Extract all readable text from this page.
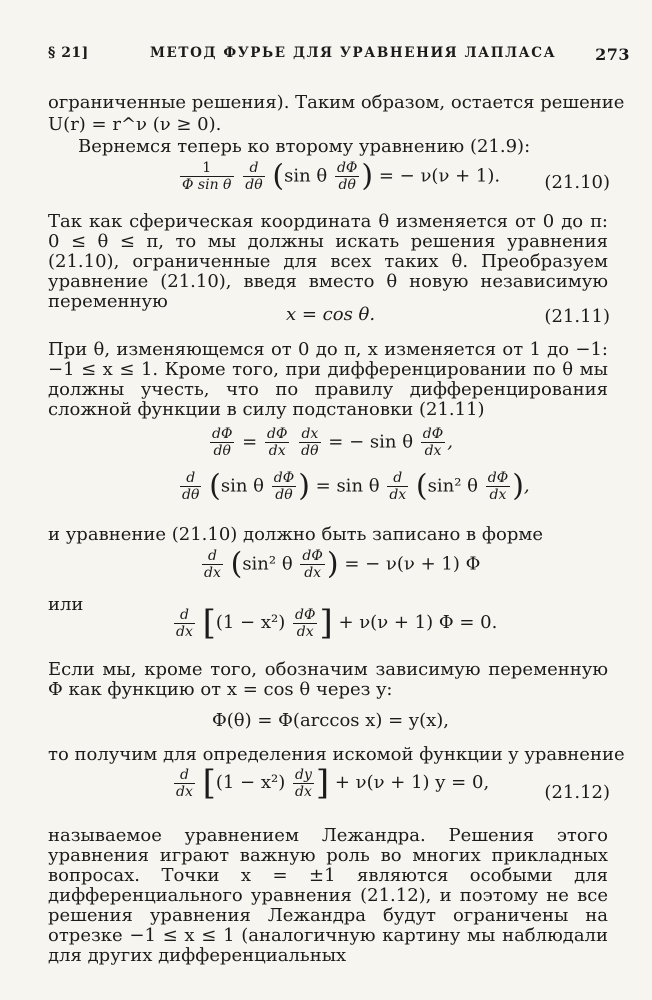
§ 21]	МЕТОД ФУРЬЕ ДЛЯ УРАВНЕНИЯ ЛАПЛАСА 273
ограниченные решения). Таким образом, остается решение
U(r) = r^ν (ν ≥ 0).
Вернемся теперь ко второму уравнению (21.9):
$\frac{1}{\text{Φ sin θ}}$
$\frac{d}{d\theta} (\sin$ θ $\frac{d\Phi}{d\theta}$ ) = − ν(ν + 1). (21.10)
Так как сферическая координата θ изменяется от 0 до π: 0 ≤ θ ≤ π, то мы должны искать решения уравнения (21.10), ограниченные для всех таких θ. Преобразуем уравнение (21.10), введя вместо θ новую независимую переменную
x = cos θ.	(21.11)
При θ, изменяющемся от 0 до π, x изменяется от 1 до −1: −1 ≤ x ≤ 1. Кроме того, при дифференцировании по θ мы должны учесть, что по правилу дифференцирования сложной функции в силу подстановки (21.11)
$\frac{d\Phi}{d\theta} = \frac{d\Phi}{dx}$
$\frac{dx}{d\theta}$ = − sin θ $\frac{d\Phi}{dx}$ ,
$\frac{d}{d\theta} (\sin$ θ $\frac{d\Phi}{d\theta}$ ) = sin θ $\frac{d}{dx} (\sin^2$ θ $\frac{d\Phi}{dx}$ ),
и уравнение (21.10) должно быть записано в форме
$\frac{d}{dx} (\sin^2$ θ $\frac{d\Phi}{dx}$ ) = − ν(ν + 1) Φ
или
$\frac{d}{dx} [(1 - x^2) \frac{d\Phi}{dx}$ ] + ν(ν + 1) Φ = 0.
Если мы, кроме того, обозначим зависимую переменную Φ как функцию от x = cos θ через y:
Φ(θ) = Φ(arccos x) = y(x),
то получим для определения искомой функции y уравнение
$\frac{d}{dx} [(1 - x^2) \frac{dy}{dx}$ ] + ν(ν + 1) y = 0,	(21.12)
называемое уравнением Лежандра. Решения этого уравнения играют важную роль во многих прикладных вопросах. Точки x = ±1 являются особыми для дифференциального уравнения (21.12), и поэтому не все решения уравнения Лежандра будут ограничены на отрезке −1 ≤ x ≤ 1 (аналогичную картину мы наблюдали для других дифференциальных
